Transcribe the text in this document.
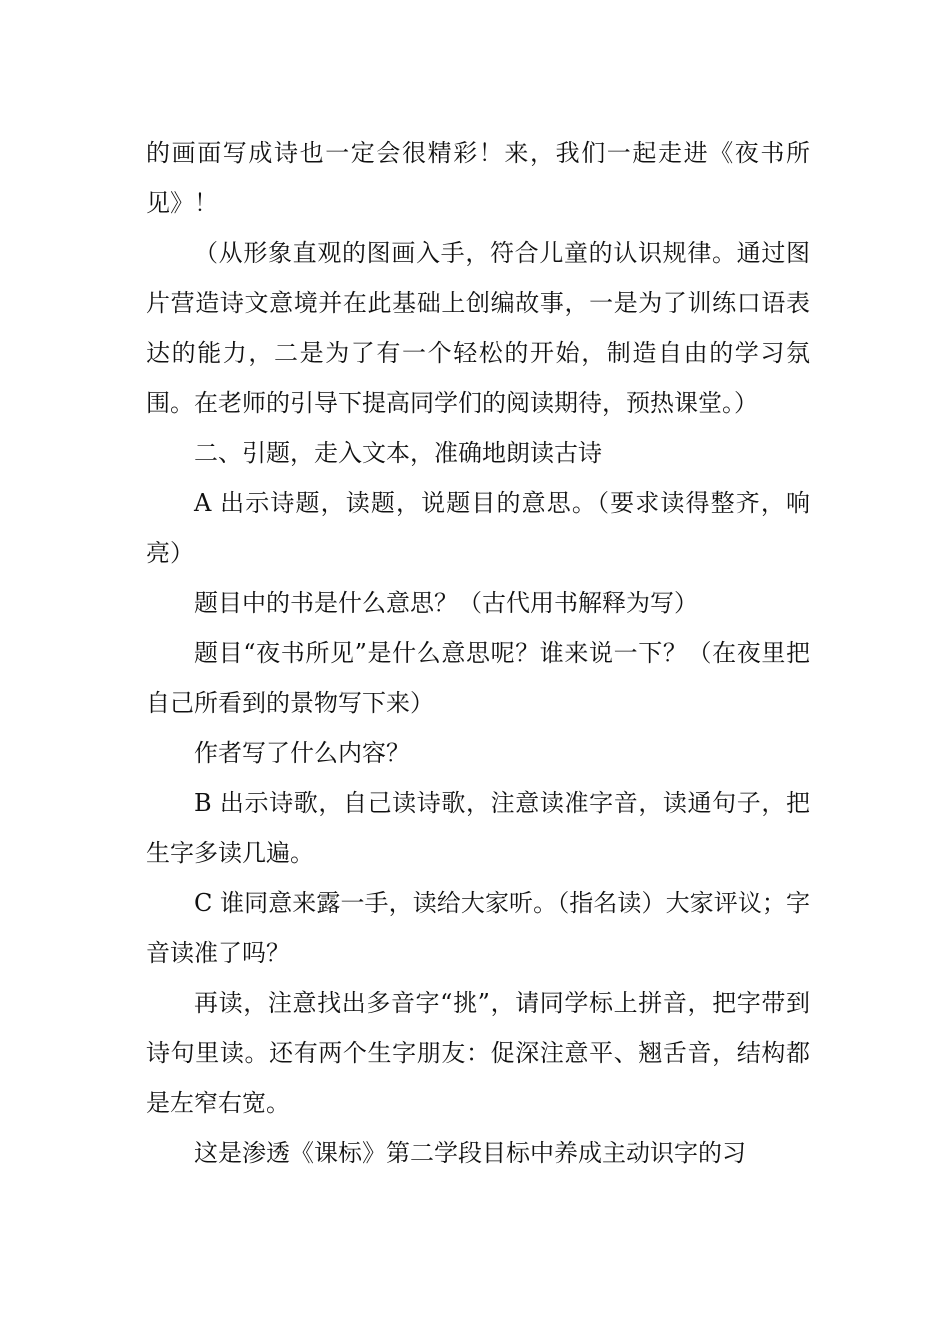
的画面写成诗也一定会很精彩！来，我们一起走进《夜书所见》！

（从形象直观的图画入手，符合儿童的认识规律。通过图片营造诗文意境并在此基础上创编故事，一是为了训练口语表达的能力，二是为了有一个轻松的开始，制造自由的学习氛围。在老师的引导下提高同学们的阅读期待，预热课堂。）

二、引题，走入文本，准确地朗读古诗

A 出示诗题，读题，说题目的意思。（要求读得整齐，响亮）

题目中的书是什么意思？（古代用书解释为写）

题目“夜书所见”是什么意思呢？谁来说一下？（在夜里把自己所看到的景物写下来）

作者写了什么内容？

B 出示诗歌，自己读诗歌，注意读准字音，读通句子，把生字多读几遍。

C 谁同意来露一手，读给大家听。（指名读）大家评议；字音读准了吗？

再读，注意找出多音字“挑”，请同学标上拼音，把字带到诗句里读。还有两个生字朋友：促深注意平、翘舌音，结构都是左窄右宽。

这是渗透《课标》第二学段目标中养成主动识字的习
